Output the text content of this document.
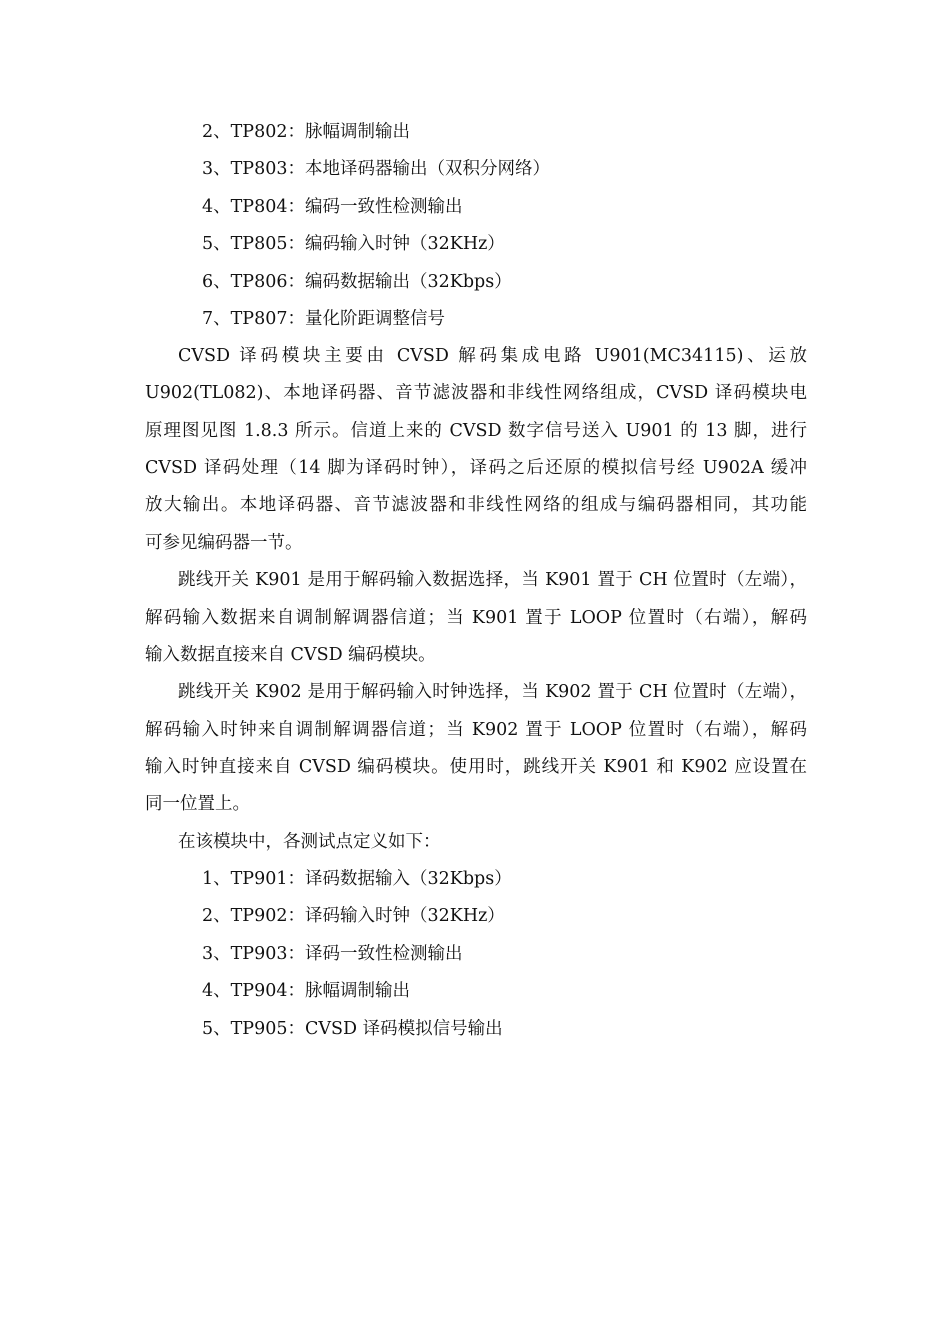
2、TP802：脉幅调制输出
3、TP803：本地译码器输出（双积分网络）
4、TP804：编码一致性检测输出
5、TP805：编码输入时钟（32KHz）
6、TP806：编码数据输出（32Kbps）
7、TP807：量化阶距调整信号
CVSD 译码模块主要由 CVSD 解码集成电路 U901(MC34115)、运放
U902(TL082)、本地译码器、音节滤波器和非线性网络组成，CVSD 译码模块电
原理图见图 1.8.3 所示。信道上来的 CVSD 数字信号送入 U901 的 13 脚，进行
CVSD 译码处理（14 脚为译码时钟），译码之后还原的模拟信号经 U902A 缓冲
放大输出。本地译码器、音节滤波器和非线性网络的组成与编码器相同，其功能
可参见编码器一节。
跳线开关 K901 是用于解码输入数据选择，当 K901 置于 CH 位置时（左端），
解码输入数据来自调制解调器信道；当 K901 置于 LOOP 位置时（右端），解码
输入数据直接来自 CVSD 编码模块。
跳线开关 K902 是用于解码输入时钟选择，当 K902 置于 CH 位置时（左端），
解码输入时钟来自调制解调器信道；当 K902 置于 LOOP 位置时（右端），解码
输入时钟直接来自 CVSD 编码模块。使用时，跳线开关 K901 和 K902 应设置在
同一位置上。
在该模块中，各测试点定义如下：
1、TP901：译码数据输入（32Kbps）
2、TP902：译码输入时钟（32KHz）
3、TP903：译码一致性检测输出
4、TP904：脉幅调制输出
5、TP905：CVSD 译码模拟信号输出
